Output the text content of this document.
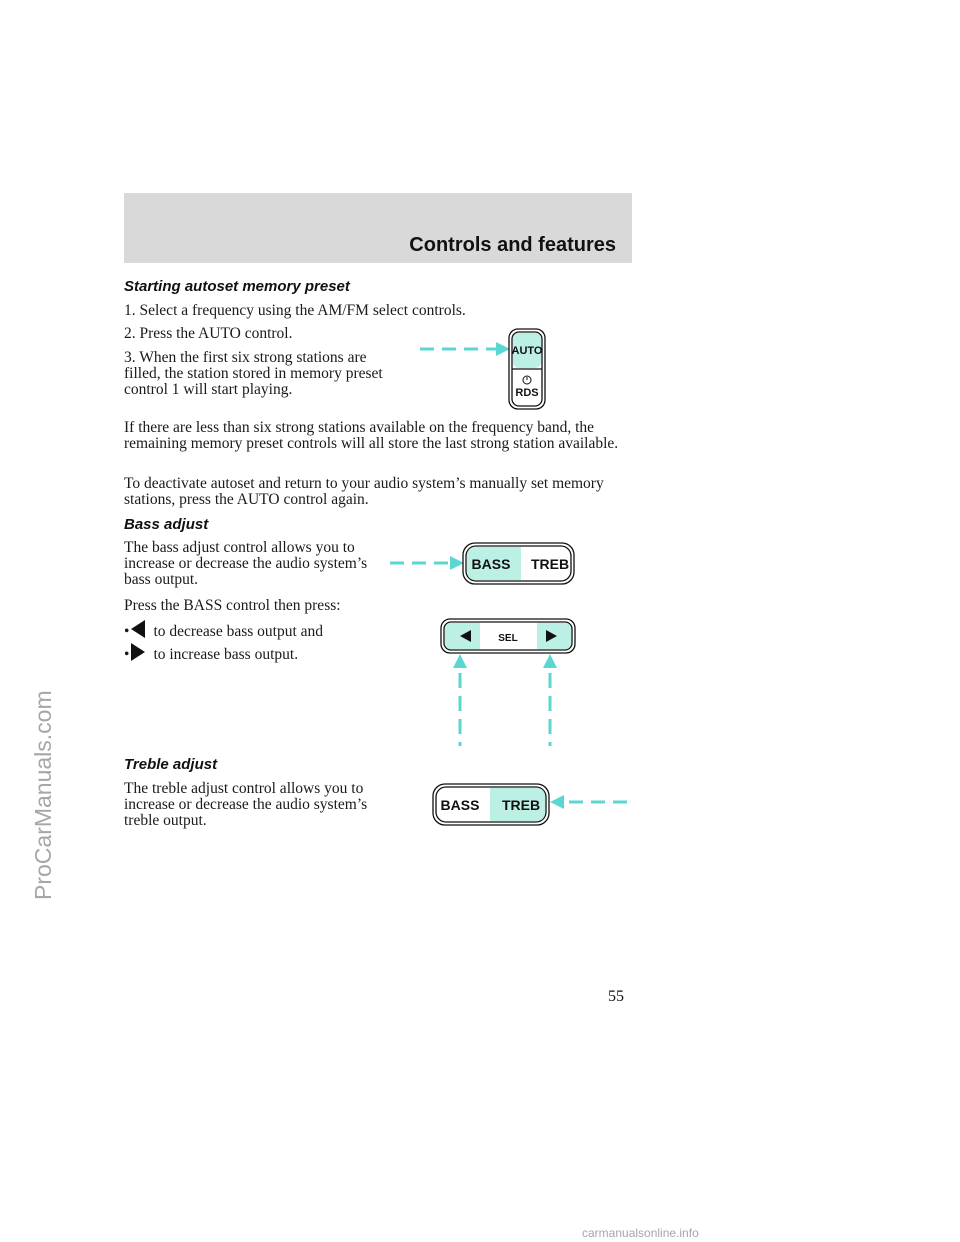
Controls and features
Starting autoset memory preset

1. Select a frequency using the AM/FM select controls.

2. Press the AUTO control.

3. When the first six strong stations are filled, the station stored in memory preset control 1 will start playing.

If there are less than six strong stations available on the frequency band, the remaining memory preset controls will all store the last strong station available.

To deactivate autoset and return to your audio system’s manually set memory stations, press the AUTO control again.

AUTO
RDS
Bass adjust

The bass adjust control allows you to increase or decrease the audio system’s bass output.

Press the BASS control then press:

• to decrease bass output and
• to increase bass output.
BASS TREB
SEL
Treble adjust

The treble adjust control allows you to increase or decrease the audio system’s treble output.

BASS TREB
55
ProCarManuals.com
carmanualsonline.info
